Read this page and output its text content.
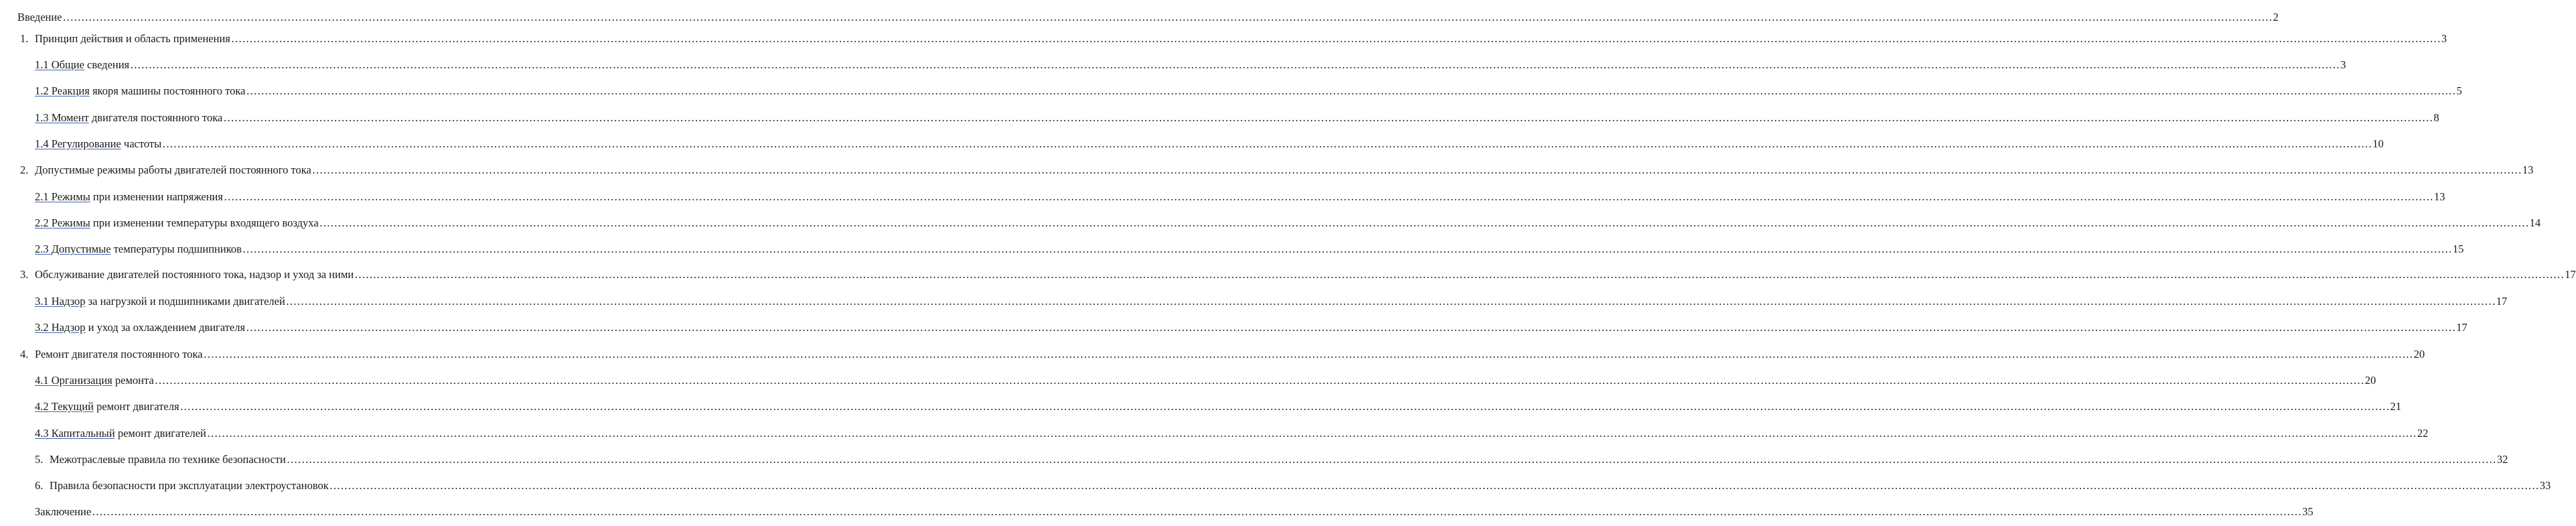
Введение …………………………………………………………………………………………………………………………………………………………………………………………………………………………………………………………………………………………………………………………………………………………………………………………………………………………………………………………………………………………………………………………………………………… 2
1. Принцип действия и область применения …………………………………………………………………………………………………………………………………………………………………………………………………………………………………………………………………………………………………………………………………………………………………………………………………………………………………………………………………………………………………………………………………………………… 3
1.1
Общие сведения …………………………………………………………………………………………………………………………………………………………………………………………………………………………………………………………………………………………………………………………………………………………………………………………………………………………………………………………………………………………………………………………………………………… 3
1.2
Реакция якоря машины постоянного тока …………………………………………………………………………………………………………………………………………………………………………………………………………………………………………………………………………………………………………………………………………………………………………………………………………………………………………………………………………………………………………………………………………………… 5
1.3
Момент двигателя постоянного тока …………………………………………………………………………………………………………………………………………………………………………………………………………………………………………………………………………………………………………………………………………………………………………………………………………………………………………………………………………………………………………………………………………………… 8
1.4
Регулирование частоты …………………………………………………………………………………………………………………………………………………………………………………………………………………………………………………………………………………………………………………………………………………………………………………………………………………………………………………………………………………………………………………………………………………… 10
2. Допустимые режимы работы двигателей постоянного тока …………………………………………………………………………………………………………………………………………………………………………………………………………………………………………………………………………………………………………………………………………………………………………………………………………………………………………………………………………………………………………………………………………………… 13
2.1
Режимы при изменении напряжения …………………………………………………………………………………………………………………………………………………………………………………………………………………………………………………………………………………………………………………………………………………………………………………………………………………………………………………………………………………………………………………………………………………… 13
2.2
Режимы при изменении температуры входящего воздуха …………………………………………………………………………………………………………………………………………………………………………………………………………………………………………………………………………………………………………………………………………………………………………………………………………………………………………………………………………………………………………………………………………………… 14
2.3
Допустимые температуры подшипников …………………………………………………………………………………………………………………………………………………………………………………………………………………………………………………………………………………………………………………………………………………………………………………………………………………………………………………………………………………………………………………………………………………… 15
3. Обслуживание двигателей постоянного тока, надзор и уход за ними …………………………………………………………………………………………………………………………………………………………………………………………………………………………………………………………………………………………………………………………………………………………………………………………………………………………………………………………………………………………………………………………………………………… 17
3.1
Надзор за нагрузкой и подшипниками двигателей …………………………………………………………………………………………………………………………………………………………………………………………………………………………………………………………………………………………………………………………………………………………………………………………………………………………………………………………………………………………………………………………………………………… 17
3.2
Надзор и уход за охлаждением двигателя …………………………………………………………………………………………………………………………………………………………………………………………………………………………………………………………………………………………………………………………………………………………………………………………………………………………………………………………………………………………………………………………………………………… 17
4. Ремонт двигателя постоянного тока …………………………………………………………………………………………………………………………………………………………………………………………………………………………………………………………………………………………………………………………………………………………………………………………………………………………………………………………………………………………………………………………………………………… 20
4.1
Организация ремонта …………………………………………………………………………………………………………………………………………………………………………………………………………………………………………………………………………………………………………………………………………………………………………………………………………………………………………………………………………………………………………………………………………………… 20
4.2
Текущий ремонт двигателя …………………………………………………………………………………………………………………………………………………………………………………………………………………………………………………………………………………………………………………………………………………………………………………………………………………………………………………………………………………………………………………………………………………… 21
4.3
Капитальный ремонт двигателей …………………………………………………………………………………………………………………………………………………………………………………………………………………………………………………………………………………………………………………………………………………………………………………………………………………………………………………………………………………………………………………………………………………… 22
5. Межотраслевые правила по технике безопасности …………………………………………………………………………………………………………………………………………………………………………………………………………………………………………………………………………………………………………………………………………………………………………………………………………………………………………………………………………………………………………………………………………………… 32
6. Правила безопасности при эксплуатации электроустановок …………………………………………………………………………………………………………………………………………………………………………………………………………………………………………………………………………………………………………………………………………………………………………………………………………………………………………………………………………………………………………………………………………………… 33
Заключение …………………………………………………………………………………………………………………………………………………………………………………………………………………………………………………………………………………………………………………………………………………………………………………………………………………………………………………………………………………………………………………………………………………… 35
